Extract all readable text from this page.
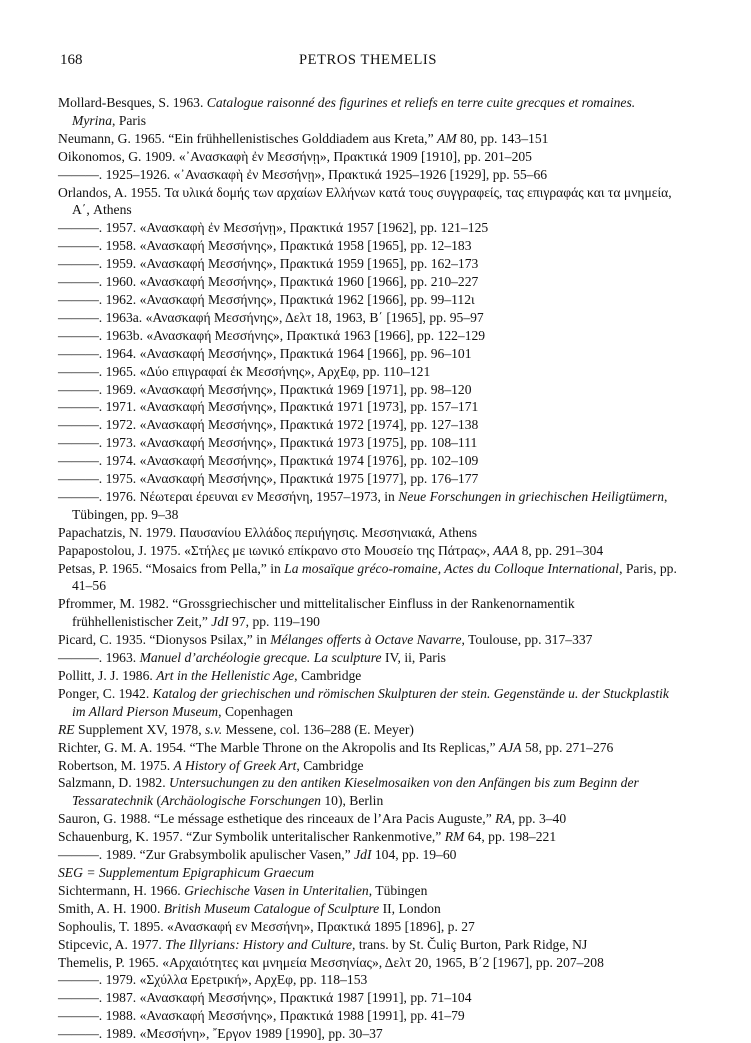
168	PETROS THEMELIS
Mollard-Besques, S. 1963. Catalogue raisonné des figurines et reliefs en terre cuite grecques et romaines. Myrina, Paris
Neumann, G. 1965. “Ein frühhellenistisches Golddiadem aus Kreta,” AM 80, pp. 143–151
Oikonomos, G. 1909. «᾿Ανασκαφὴ ἐν Μεσσήνῃ», Πρακτικά 1909 [1910], pp. 201–205
———. 1925–1926. «᾿Ανασκαφὴ ἐν Μεσσήνῃ», Πρακτικά 1925–1926 [1929], pp. 55–66
Orlandos, A. 1955. Τα υλικά δομής των αρχαίων Ελλήνων κατά τους συγγραφείς, τας επιγραφάς και τα μνημεία, Α΄, Athens
———. 1957. «Ανασκαφὴ ἐν Μεσσήνῃ», Πρακτικά 1957 [1962], pp. 121–125
———. 1958. «Ανασκαφή Μεσσήνης», Πρακτικά 1958 [1965], pp. 12–183
———. 1959. «Ανασκαφή Μεσσήνης», Πρακτικά 1959 [1965], pp. 162–173
———. 1960. «Ανασκαφή Μεσσήνης», Πρακτικά 1960 [1966], pp. 210–227
———. 1962. «Ανασκαφή Μεσσήνης», Πρακτικά 1962 [1966], pp. 99–112ι
———. 1963a. «Ανασκαφή Μεσσήνης», Δελτ 18, 1963, Β΄ [1965], pp. 95–97
———. 1963b. «Ανασκαφή Μεσσήνης», Πρακτικά 1963 [1966], pp. 122–129
———. 1964. «Ανασκαφή Μεσσήνης», Πρακτικά 1964 [1966], pp. 96–101
———. 1965. «Δύο επιγραφαί ἐκ Μεσσήνης», ΑρχΕφ, pp. 110–121
———. 1969. «Ανασκαφή Μεσσήνης», Πρακτικά 1969 [1971], pp. 98–120
———. 1971. «Ανασκαφή Μεσσήνης», Πρακτικά 1971 [1973], pp. 157–171
———. 1972. «Ανασκαφή Μεσσήνης», Πρακτικά 1972 [1974], pp. 127–138
———. 1973. «Ανασκαφή Μεσσήνης», Πρακτικά 1973 [1975], pp. 108–111
———. 1974. «Ανασκαφή Μεσσήνης», Πρακτικά 1974 [1976], pp. 102–109
———. 1975. «Ανασκαφή Μεσσήνης», Πρακτικά 1975 [1977], pp. 176–177
———. 1976. Νέωτεραι έρευναι εν Μεσσήνη, 1957–1973, in Neue Forschungen in griechischen Heiligtümern, Tübingen, pp. 9–38
Papachatzis, N. 1979. Παυσανίου Ελλάδος περιήγησις. Μεσσηνιακά, Athens
Papapostolou, J. 1975. «Στήλες με ιωνικό επίκρανο στο Μουσείο της Πάτρας», AAA 8, pp. 291–304
Petsas, P. 1965. “Mosaics from Pella,” in La mosaïque gréco-romaine, Actes du Colloque International, Paris, pp. 41–56
Pfrommer, M. 1982. “Grossgriechischer und mittelitalischer Einfluss in der Rankenornamentik frühhellenistischer Zeit,” JdI 97, pp. 119–190
Picard, C. 1935. “Dionysos Psilax,” in Mélanges offerts à Octave Navarre, Toulouse, pp. 317–337
———. 1963. Manuel d’archéologie grecque. La sculpture IV, ii, Paris
Pollitt, J. J. 1986. Art in the Hellenistic Age, Cambridge
Ponger, C. 1942. Katalog der griechischen und römischen Skulpturen der stein. Gegenstände u. der Stuckplastik im Allard Pierson Museum, Copenhagen
RE Supplement XV, 1978, s.v. Messene, col. 136–288 (E. Meyer)
Richter, G. M. A. 1954. “The Marble Throne on the Akropolis and Its Replicas,” AJA 58, pp. 271–276
Robertson, M. 1975. A History of Greek Art, Cambridge
Salzmann, D. 1982. Untersuchungen zu den antiken Kieselmosaiken von den Anfängen bis zum Beginn der Tessaratechnik (Archäologische Forschungen 10), Berlin
Sauron, G. 1988. “Le méssage esthetique des rinceaux de l’Ara Pacis Auguste,” RA, pp. 3–40
Schauenburg, K. 1957. “Zur Symbolik unteritalischer Rankenmotive,” RM 64, pp. 198–221
———. 1989. “Zur Grabsymbolik apulischer Vasen,” JdI 104, pp. 19–60
SEG = Supplementum Epigraphicum Graecum
Sichtermann, H. 1966. Griechische Vasen in Unteritalien, Tübingen
Smith, A. H. 1900. British Museum Catalogue of Sculpture II, London
Sophoulis, T. 1895. «Ανασκαφή εν Μεσσήνη», Πρακτικά 1895 [1896], p. 27
Stipcevic, A. 1977. The Illyrians: History and Culture, trans. by St. Čuliç Burton, Park Ridge, NJ
Themelis, P. 1965. «Αρχαιότητες και μνημεία Μεσσηνίας», Δελτ 20, 1965, Β΄2 [1967], pp. 207–208
———. 1979. «Σχύλλα Ερετρική», ΑρχΕφ, pp. 118–153
———. 1987. «Ανασκαφή Μεσσήνης», Πρακτικά 1987 [1991], pp. 71–104
———. 1988. «Ανασκαφή Μεσσήνης», Πρακτικά 1988 [1991], pp. 41–79
———. 1989. «Μεσσήνη», ῎Εργον 1989 [1990], pp. 30–37
